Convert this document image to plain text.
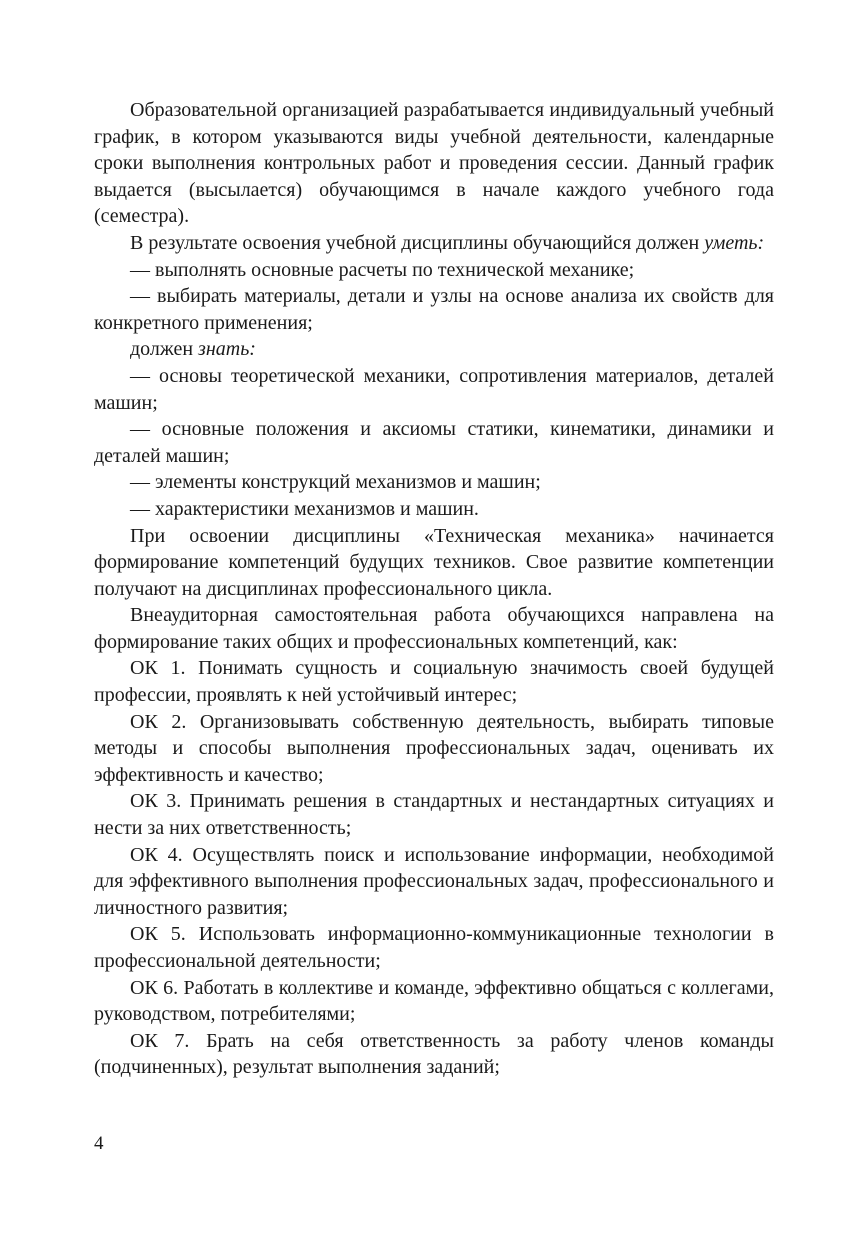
Образовательной организацией разрабатывается индивидуальный учебный график, в котором указываются виды учебной деятельности, календарные сроки выполнения контрольных работ и проведения сессии. Данный график выдается (высылается) обучающимся в начале каждого учебного года (семестра).

В результате освоения учебной дисциплины обучающийся должен уметь:

— выполнять основные расчеты по технической механике;

— выбирать материалы, детали и узлы на основе анализа их свойств для конкретного применения;

должен знать:

— основы теоретической механики, сопротивления материалов, деталей машин;

— основные положения и аксиомы статики, кинематики, динамики и деталей машин;

— элементы конструкций механизмов и машин;

— характеристики механизмов и машин.

При освоении дисциплины «Техническая механика» начинается формирование компетенций будущих техников. Свое развитие компетенции получают на дисциплинах профессионального цикла.

Внеаудиторная самостоятельная работа обучающихся направлена на формирование таких общих и профессиональных компетенций, как:

ОК 1. Понимать сущность и социальную значимость своей будущей профессии, проявлять к ней устойчивый интерес;

ОК 2. Организовывать собственную деятельность, выбирать типовые методы и способы выполнения профессиональных задач, оценивать их эффективность и качество;

ОК 3. Принимать решения в стандартных и нестандартных ситуациях и нести за них ответственность;

ОК 4. Осуществлять поиск и использование информации, необходимой для эффективного выполнения профессиональных задач, профессионального и личностного развития;

ОК 5. Использовать информационно-коммуникационные технологии в профессиональной деятельности;

ОК 6. Работать в коллективе и команде, эффективно общаться с коллегами, руководством, потребителями;

ОК 7. Брать на себя ответственность за работу членов команды (подчиненных), результат выполнения заданий;

4
